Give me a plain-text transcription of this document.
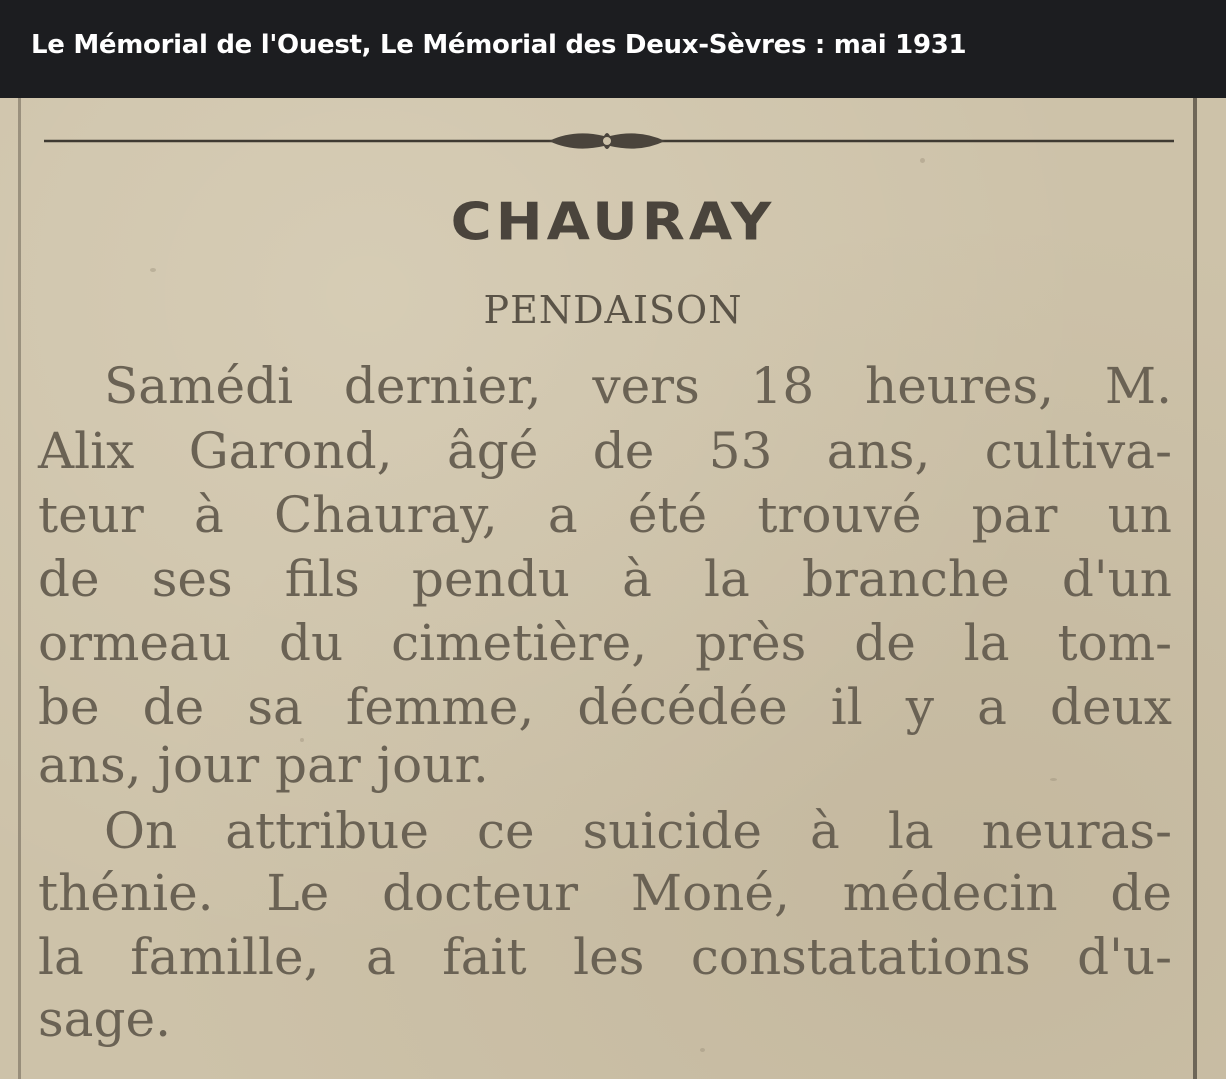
Le Mémorial de l'Ouest, Le Mémorial des Deux-Sèvres : mai 1931
CHAURAY
PENDAISON
Samédi dernier, vers 18 heures, M.
Alix Garond, âgé de 53 ans, cultiva-
teur à Chauray, a été trouvé par un
de ses fils pendu à la branche d'un
ormeau du cimetière, près de la tom-
be de sa femme, décédée il y a deux
ans, jour par jour.
On attribue ce suicide à la neuras-
thénie. Le docteur Moné, médecin de
la famille, a fait les constatations d'u-
sage.
